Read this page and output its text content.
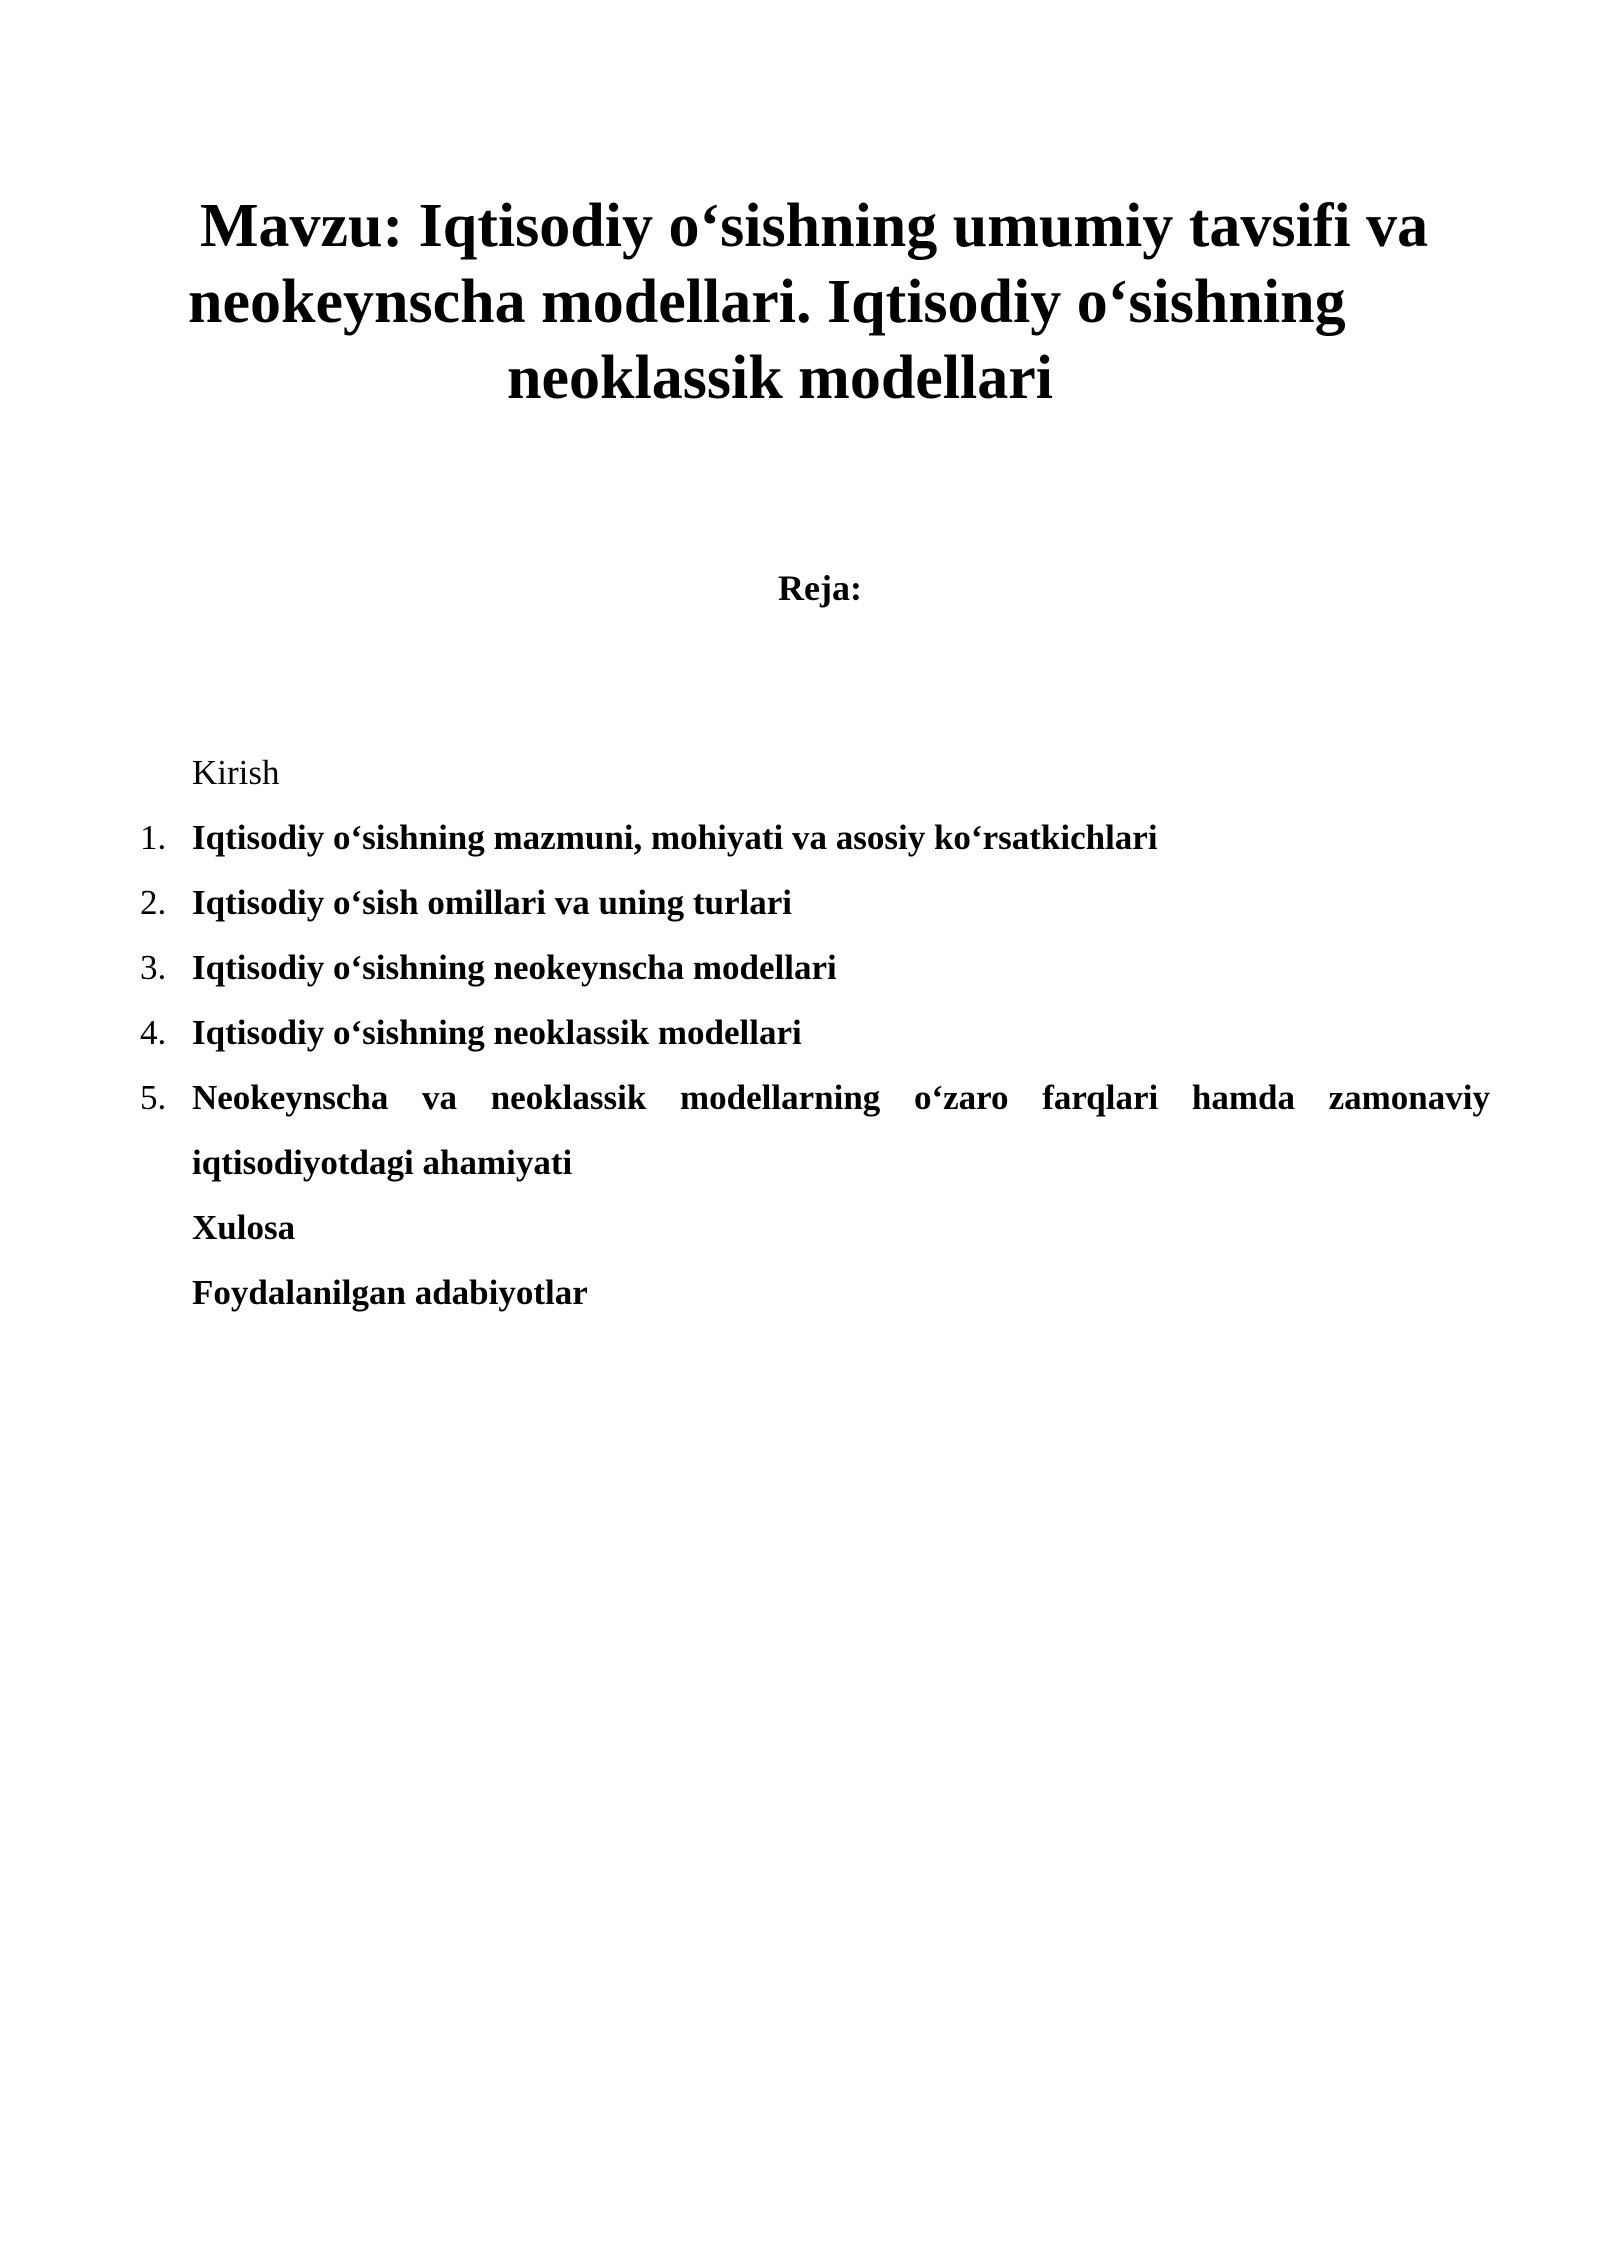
Mavzu: Iqtisodiy o‘sishning umumiy tavsifi va
neokeynscha modellari. Iqtisodiy o‘sishning
neoklassik modellari
Reja:
Kirish
1. Iqtisodiy o‘sishning mazmuni, mohiyati va asosiy ko‘rsatkichlari
2. Iqtisodiy o‘sish omillari va uning turlari
3. Iqtisodiy o‘sishning neokeynscha modellari
4. Iqtisodiy o‘sishning neoklassik modellari
5. Neokeynscha va neoklassik modellarning o‘zaro farqlari hamda zamonaviy iqtisodiyotdagi ahamiyati
Xulosa
Foydalanilgan adabiyotlar
